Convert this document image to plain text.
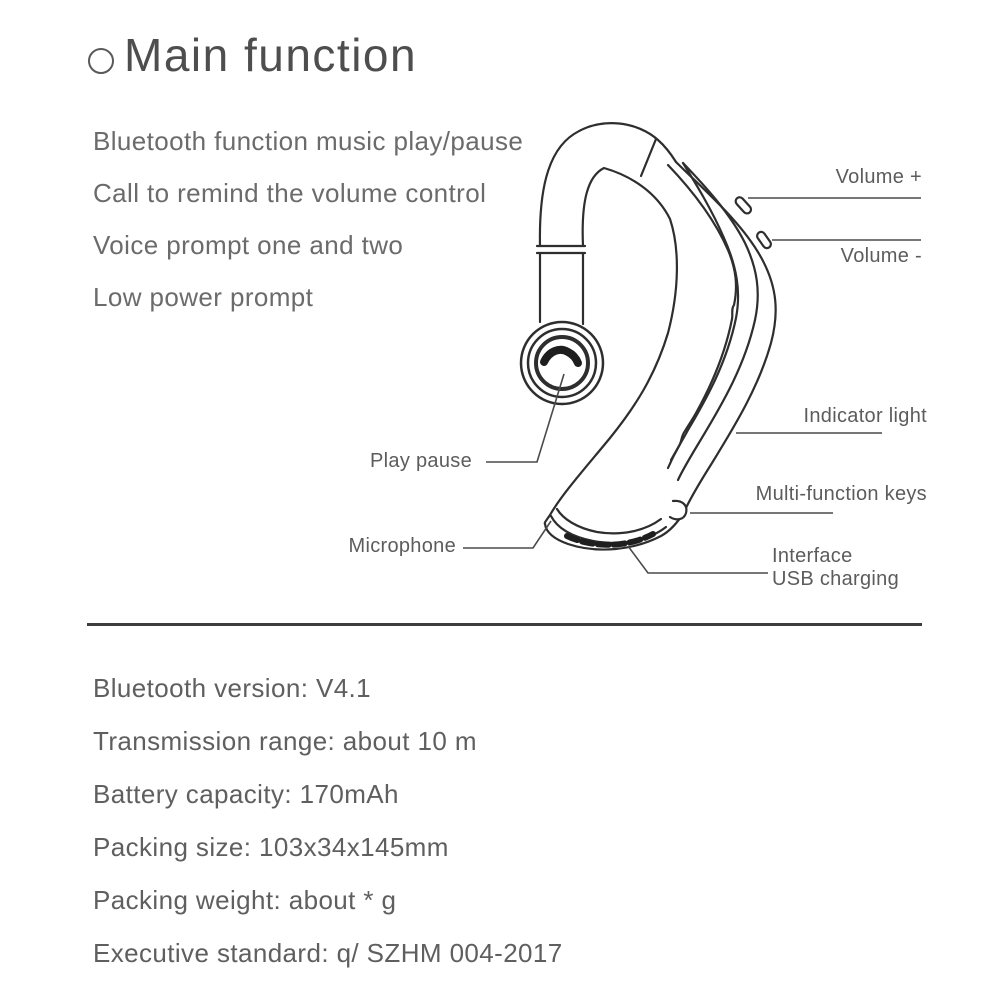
Main function
Bluetooth function music play/pause
Call to remind the volume control
Voice prompt one and two
Low power prompt
Volume +
Volume -
Indicator light
Multi-function keys
Interface
USB charging
Play pause
Microphone
Bluetooth version: V4.1
Transmission range: about 10 m
Battery capacity: 170mAh
Packing size: 103x34x145mm
Packing weight: about * g
Executive standard: q/ SZHM 004-2017
